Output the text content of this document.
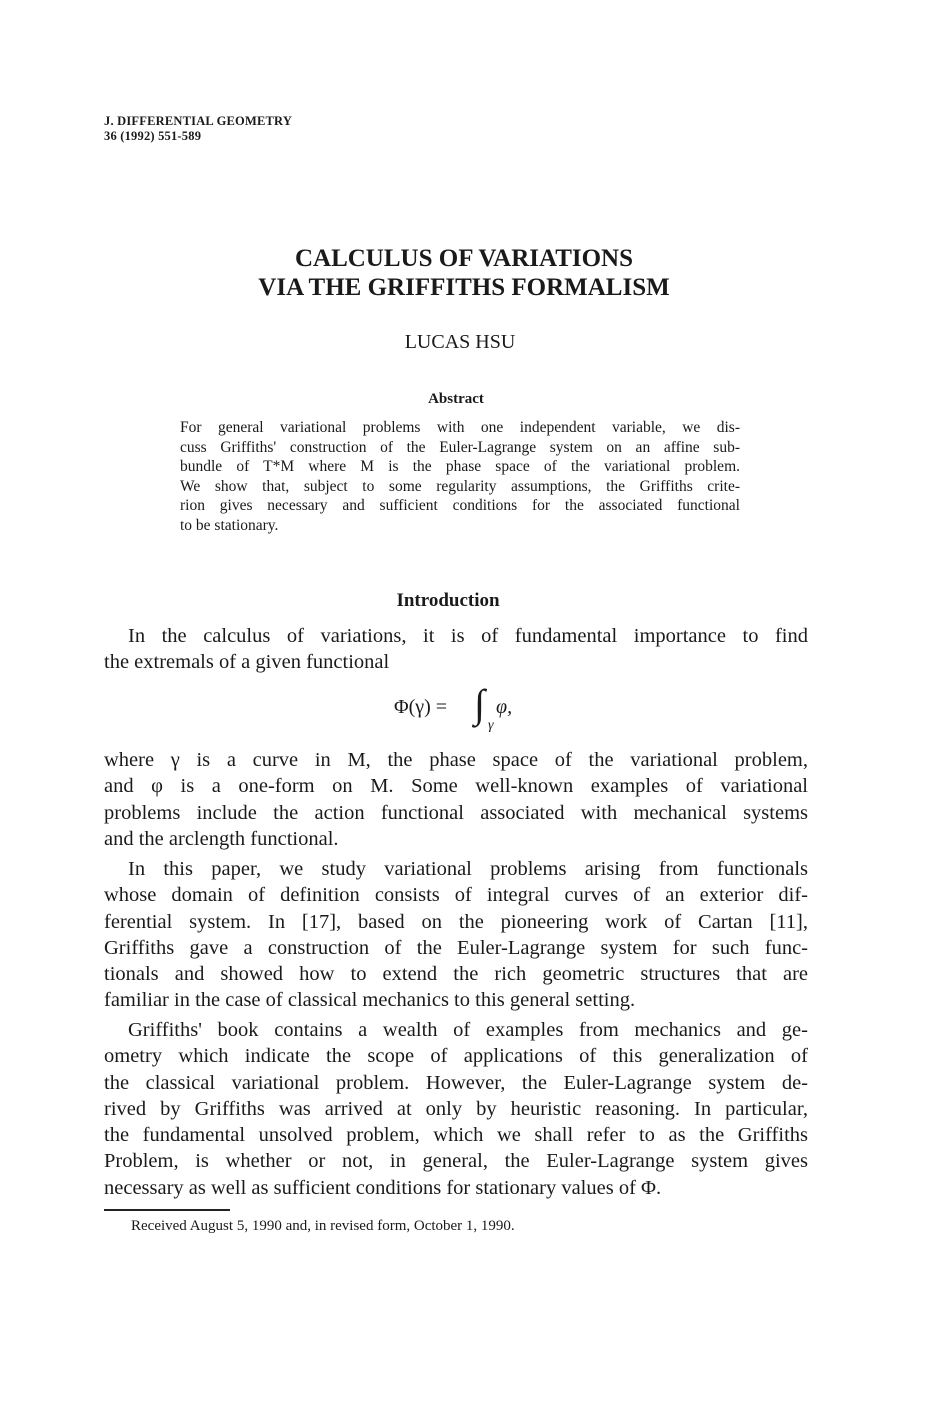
J. DIFFERENTIAL GEOMETRY
36 (1992) 551-589
CALCULUS OF VARIATIONS
VIA THE GRIFFITHS FORMALISM
LUCAS HSU
Abstract
For general variational problems with one independent variable, we dis-
cuss Griffiths' construction of the Euler-Lagrange system on an affine sub-
bundle of T*M where M is the phase space of the variational problem.
We show that, subject to some regularity assumptions, the Griffiths crite-
rion gives necessary and sufficient conditions for the associated functional
to be stationary.
Introduction
In the calculus of variations, it is of fundamental importance to find
the extremals of a given functional
Φ(γ) = ∫ γ
φ,
where γ is a curve in M, the phase space of the variational problem,
and φ is a one-form on M. Some well-known examples of variational
problems include the action functional associated with mechanical systems
and the arclength functional.
In this paper, we study variational problems arising from functionals
whose domain of definition consists of integral curves of an exterior dif-
ferential system. In [17], based on the pioneering work of Cartan [11],
Griffiths gave a construction of the Euler-Lagrange system for such func-
tionals and showed how to extend the rich geometric structures that are
familiar in the case of classical mechanics to this general setting.
Griffiths' book contains a wealth of examples from mechanics and ge-
ometry which indicate the scope of applications of this generalization of
the classical variational problem. However, the Euler-Lagrange system de-
rived by Griffiths was arrived at only by heuristic reasoning. In particular,
the fundamental unsolved problem, which we shall refer to as the Griffiths
Problem, is whether or not, in general, the Euler-Lagrange system gives
necessary as well as sufficient conditions for stationary values of Φ.
Received August 5, 1990 and, in revised form, October 1, 1990.
